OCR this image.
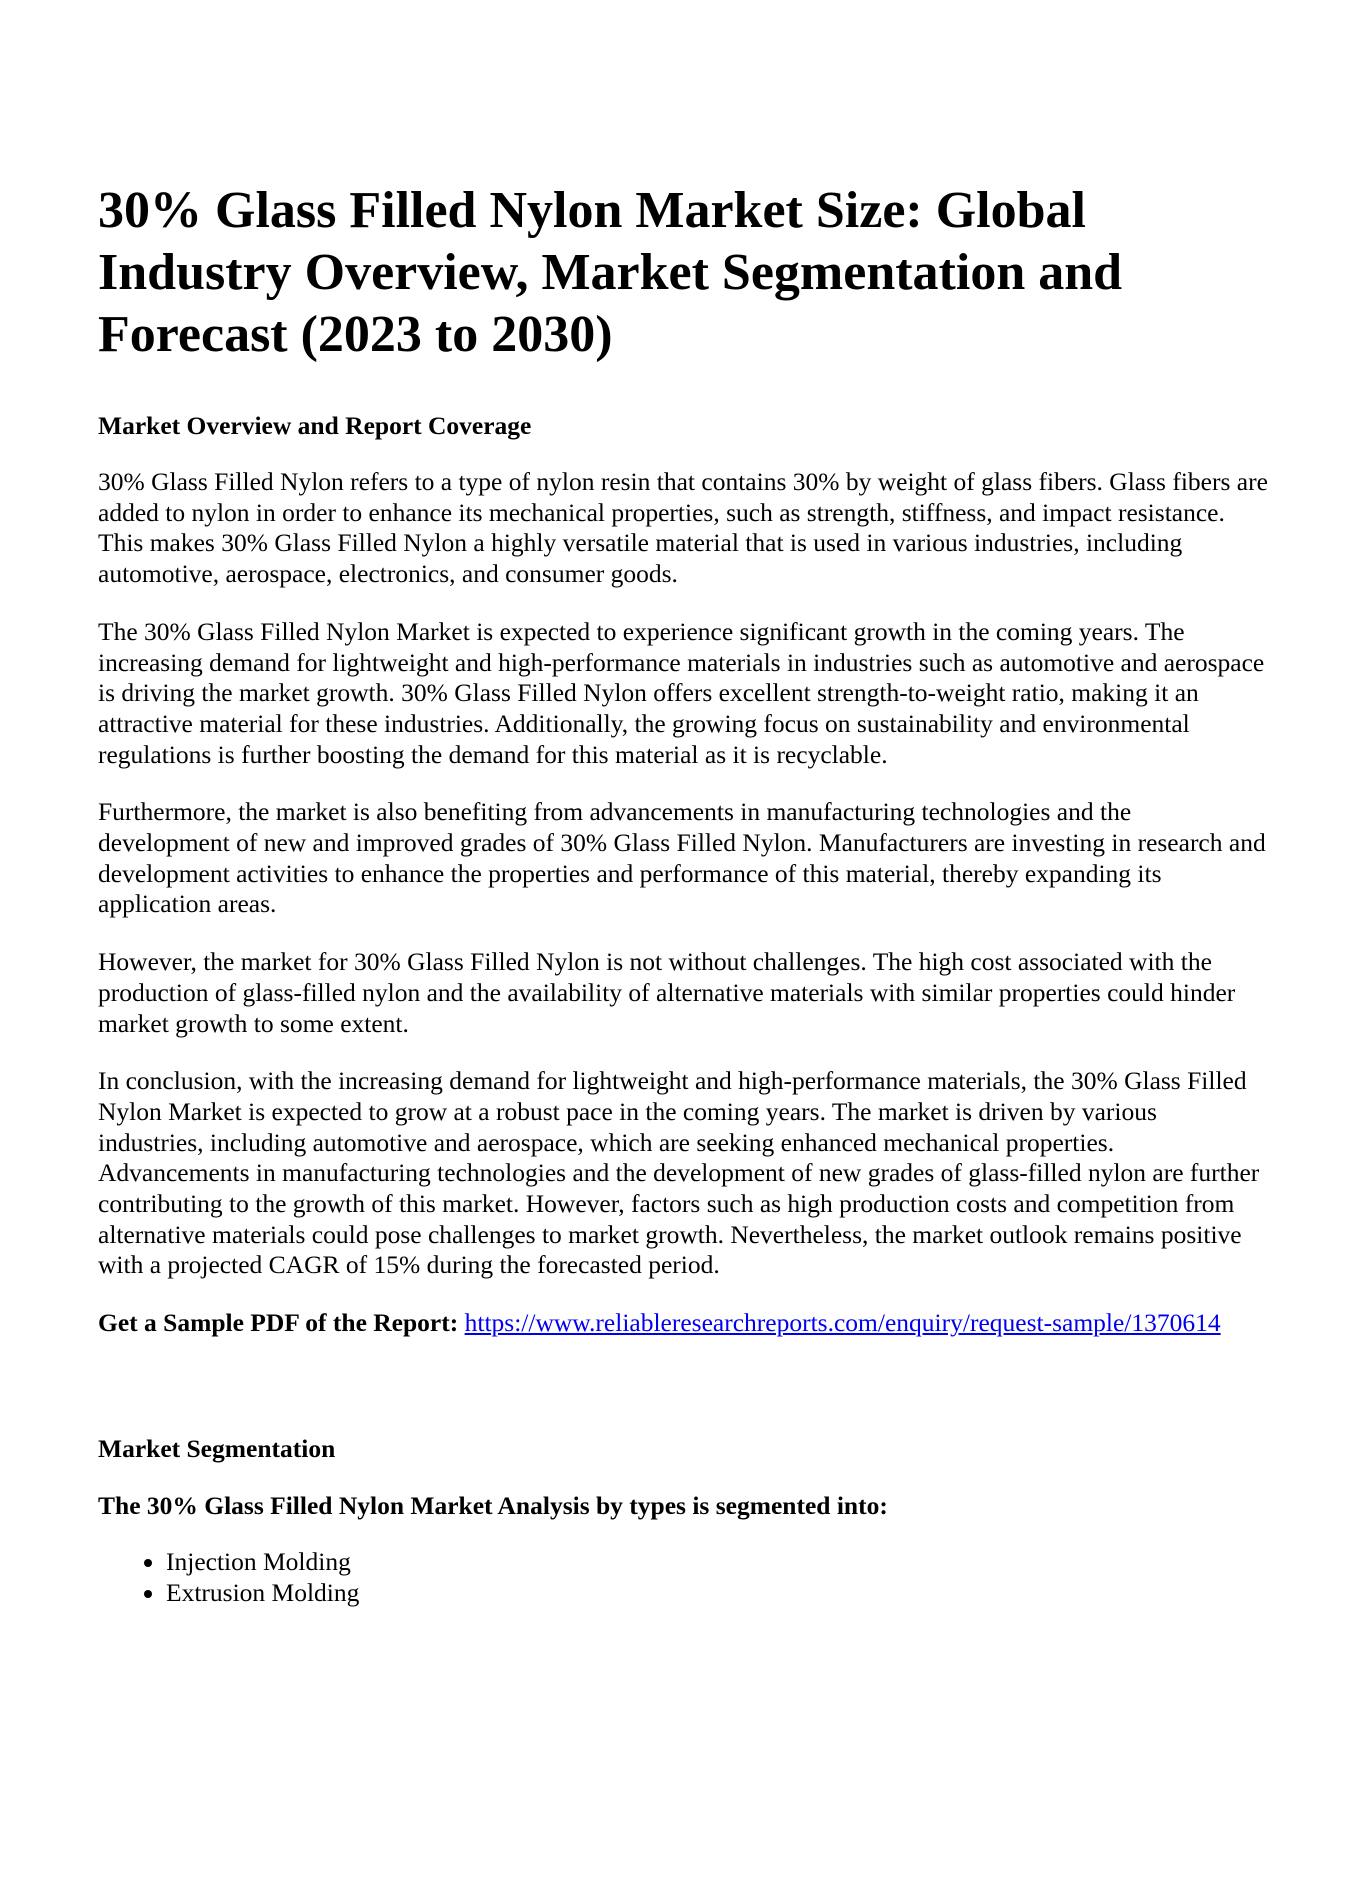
30% Glass Filled Nylon Market Size: Global Industry Overview, Market Segmentation and Forecast (2023 to 2030)
Market Overview and Report Coverage

30% Glass Filled Nylon refers to a type of nylon resin that contains 30% by weight of glass fibers. Glass fibers are added to nylon in order to enhance its mechanical properties, such as strength, stiffness, and impact resistance. This makes 30% Glass Filled Nylon a highly versatile material that is used in various industries, including automotive, aerospace, electronics, and consumer goods.

The 30% Glass Filled Nylon Market is expected to experience significant growth in the coming years. The increasing demand for lightweight and high-performance materials in industries such as automotive and aerospace is driving the market growth. 30% Glass Filled Nylon offers excellent strength-to-weight ratio, making it an attractive material for these industries. Additionally, the growing focus on sustainability and environmental regulations is further boosting the demand for this material as it is recyclable.

Furthermore, the market is also benefiting from advancements in manufacturing technologies and the development of new and improved grades of 30% Glass Filled Nylon. Manufacturers are investing in research and development activities to enhance the properties and performance of this material, thereby expanding its application areas.

However, the market for 30% Glass Filled Nylon is not without challenges. The high cost associated with the production of glass-filled nylon and the availability of alternative materials with similar properties could hinder market growth to some extent.

In conclusion, with the increasing demand for lightweight and high-performance materials, the 30% Glass Filled Nylon Market is expected to grow at a robust pace in the coming years. The market is driven by various industries, including automotive and aerospace, which are seeking enhanced mechanical properties. Advancements in manufacturing technologies and the development of new grades of glass-filled nylon are further contributing to the growth of this market. However, factors such as high production costs and competition from alternative materials could pose challenges to market growth. Nevertheless, the market outlook remains positive with a projected CAGR of 15% during the forecasted period.

Get a Sample PDF of the Report: https://www.reliableresearchreports.com/enquiry/request-sample/1370614

Market Segmentation
The 30% Glass Filled Nylon Market Analysis by types is segmented into:
• Injection Molding
• Extrusion Molding
